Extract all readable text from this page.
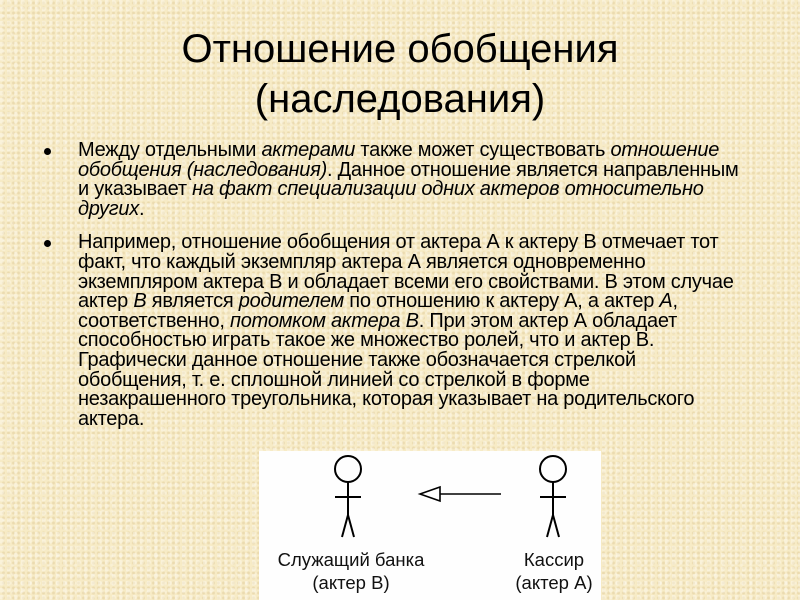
Отношение обобщения
(наследования)
Между отдельными актерами также может существовать отношение обобщения (наследования). Данное отношение является направленным и указывает на факт специализации одних актеров относительно других.
Например, отношение обобщения от актера А к актеру В отмечает тот факт, что каждый экземпляр актера А является одновременно экземпляром актера В и обладает всеми его свойствами. В этом случае актер В является родителем по отношению к актеру А, а актер А, соответственно, потомком актера В. При этом актер А обладает способностью играть такое же множество ролей, что и актер В. Графически данное отношение также обозначается стрелкой обобщения, т. е. сплошной линией со стрелкой в форме незакрашенного треугольника, которая указывает на родительского актера.
Служащий банка
(актер В)
Кассир
(актер А)
